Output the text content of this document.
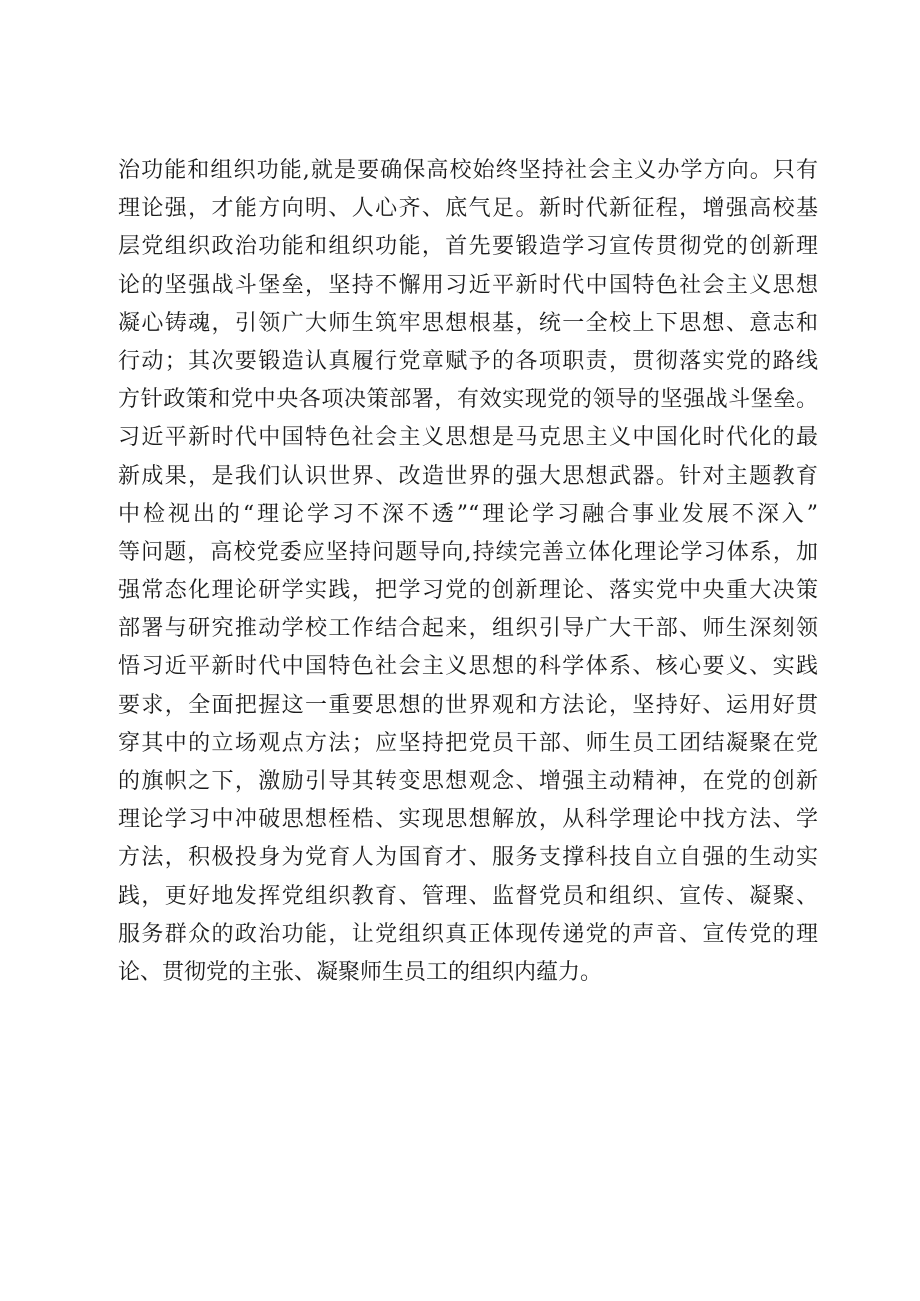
治功能和组织功能,就是要确保高校始终坚持社会主义办学方向。只有
理论强，才能方向明、人心齐、底气足。新时代新征程，增强高校基
层党组织政治功能和组织功能，首先要锻造学习宣传贯彻党的创新理
论的坚强战斗堡垒，坚持不懈用习近平新时代中国特色社会主义思想
凝心铸魂，引领广大师生筑牢思想根基，统一全校上下思想、意志和
行动；其次要锻造认真履行党章赋予的各项职责，贯彻落实党的路线
方针政策和党中央各项决策部署，有效实现党的领导的坚强战斗堡垒。
习近平新时代中国特色社会主义思想是马克思主义中国化时代化的最
新成果，是我们认识世界、改造世界的强大思想武器。针对主题教育
中检视出的“理论学习不深不透”“理论学习融合事业发展不深入”
等问题，高校党委应坚持问题导向,持续完善立体化理论学习体系，加
强常态化理论研学实践，把学习党的创新理论、落实党中央重大决策
部署与研究推动学校工作结合起来，组织引导广大干部、师生深刻领
悟习近平新时代中国特色社会主义思想的科学体系、核心要义、实践
要求，全面把握这一重要思想的世界观和方法论，坚持好、运用好贯
穿其中的立场观点方法；应坚持把党员干部、师生员工团结凝聚在党
的旗帜之下，激励引导其转变思想观念、增强主动精神，在党的创新
理论学习中冲破思想桎梏、实现思想解放，从科学理论中找方法、学
方法，积极投身为党育人为国育才、服务支撑科技自立自强的生动实
践，更好地发挥党组织教育、管理、监督党员和组织、宣传、凝聚、
服务群众的政治功能，让党组织真正体现传递党的声音、宣传党的理
论、贯彻党的主张、凝聚师生员工的组织内蕴力。
